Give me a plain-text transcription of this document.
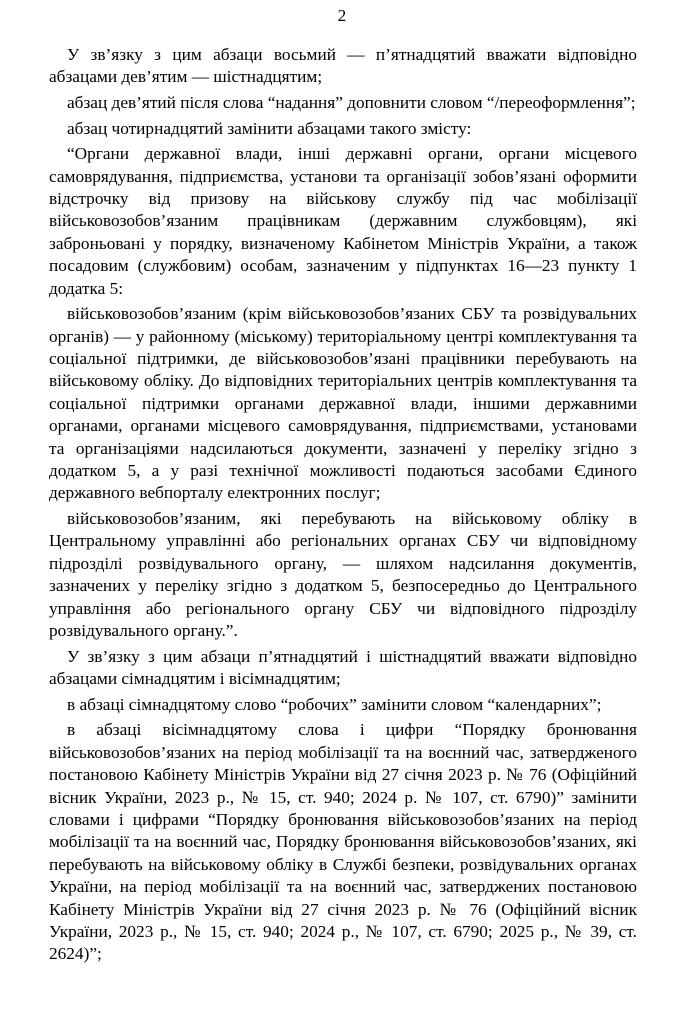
2

У зв’язку з цим абзаци восьмий — п’ятнадцятий вважати відповідно абзацами дев’ятим — шістнадцятим;

абзац дев’ятий після слова “надання” доповнити словом “/переоформлення”;

абзац чотирнадцятий замінити абзацами такого змісту:

“Органи державної влади, інші державні органи, органи місцевого самоврядування, підприємства, установи та організації зобов’язані оформити відстрочку від призову на військову службу під час мобілізації військовозобов’язаним працівникам (державним службовцям), які заброньовані у порядку, визначеному Кабінетом Міністрів України, а також посадовим (службовим) особам, зазначеним у підпунктах 16—23 пункту 1 додатка 5:

військовозобов’язаним (крім військовозобов’язаних СБУ та розвідувальних органів) — у районному (міському) територіальному центрі комплектування та соціальної підтримки, де військовозобов’язані працівники перебувають на військовому обліку. До відповідних територіальних центрів комплектування та соціальної підтримки органами державної влади, іншими державними органами, органами місцевого самоврядування, підприємствами, установами та організаціями надсилаються документи, зазначені у переліку згідно з додатком 5, а у разі технічної можливості подаються засобами Єдиного державного вебпорталу електронних послуг;

військовозобов’язаним, які перебувають на військовому обліку в Центральному управлінні або регіональних органах СБУ чи відповідному підрозділі розвідувального органу, — шляхом надсилання документів, зазначених у переліку згідно з додатком 5, безпосередньо до Центрального управління або регіонального органу СБУ чи відповідного підрозділу розвідувального органу.”.

У зв’язку з цим абзаци п’ятнадцятий і шістнадцятий вважати відповідно абзацами сімнадцятим і вісімнадцятим;

в абзаці сімнадцятому слово “робочих” замінити словом “календарних”;

в абзаці вісімнадцятому слова і цифри “Порядку бронювання військовозобов’язаних на період мобілізації та на воєнний час, затвердженого постановою Кабінету Міністрів України від 27 січня 2023 р. № 76 (Офіційний вісник України, 2023 р., № 15, ст. 940; 2024 р. № 107, ст. 6790)” замінити словами і цифрами “Порядку бронювання військовозобов’язаних на період мобілізації та на воєнний час, Порядку бронювання військовозобов’язаних, які перебувають на військовому обліку в Службі безпеки, розвідувальних органах України, на період мобілізації та на воєнний час, затверджених постановою Кабінету Міністрів України від 27 січня 2023 р. № 76 (Офіційний вісник України, 2023 р., № 15, ст. 940; 2024 р., № 107, ст. 6790; 2025 р., № 39, ст. 2624)”;
